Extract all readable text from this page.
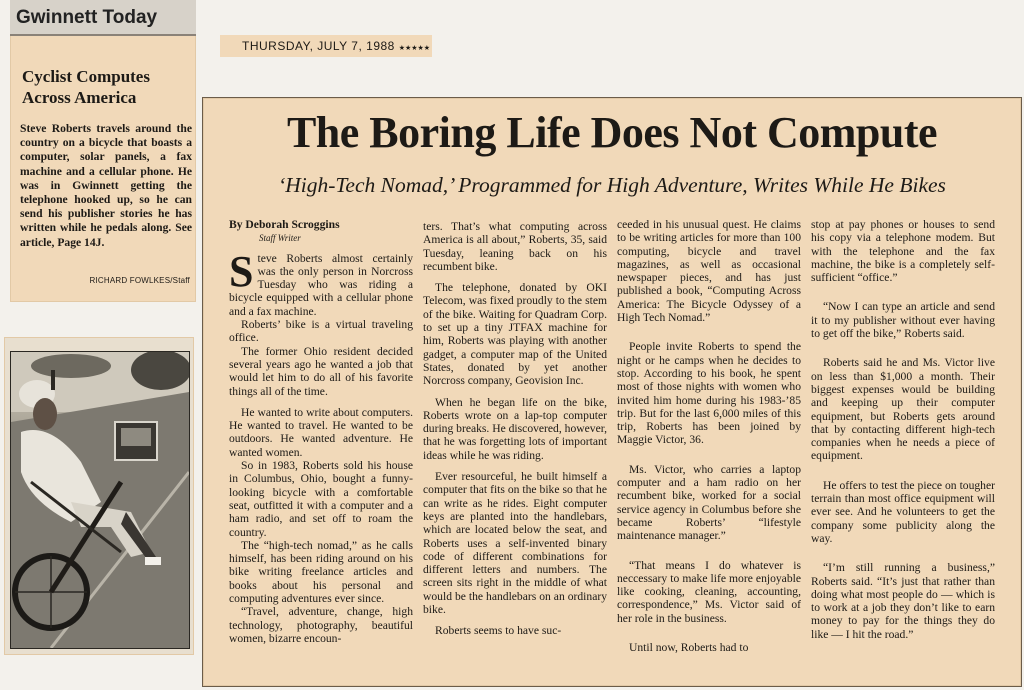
Gwinnett Today
Cyclist Computes Across America
Steve Roberts travels around the country on a bicycle that boasts a computer, solar panels, a fax machine and a cellular phone. He was in Gwinnett getting the telephone hooked up, so he can send his publisher stories he has written while he pedals along. See article, Page 14J.
RICHARD FOWLKES/Staff
THURSDAY, JULY 7, 1988 ★★★★★
The Boring Life Does Not Compute
‘High-Tech Nomad,’ Programmed for High Adventure, Writes While He Bikes
By Deborah Scroggins
Staff Writer

Steve Roberts almost certainly was the only person in Norcross Tuesday who was riding a bicycle equipped with a cellular phone and a fax machine.

Roberts’ bike is a virtual traveling office.

The former Ohio resident decided several years ago he wanted a job that would let him to do all of his favorite things all of the time.

He wanted to write about computers. He wanted to travel. He wanted to be outdoors. He wanted adventure. He wanted women.

So in 1983, Roberts sold his house in Columbus, Ohio, bought a funny-looking bicycle with a comfortable seat, outfitted it with a computer and a ham radio, and set off to roam the country.

The “high-tech nomad,” as he calls himself, has been riding around on his bike writing freelance articles and books about his personal and computing adventures ever since.

“Travel, adventure, change, high technology, photography, beautiful women, bizarre encoun-

ters. That’s what computing across America is all about,” Roberts, 35, said Tuesday, leaning back on his recumbent bike.

The telephone, donated by OKI Telecom, was fixed proudly to the stem of the bike. Waiting for Quadram Corp. to set up a tiny JTFAX machine for him, Roberts was playing with another gadget, a computer map of the United States, donated by yet another Norcross company, Geovision Inc.

When he began life on the bike, Roberts wrote on a lap-top computer during breaks. He discovered, however, that he was forgetting lots of important ideas while he was riding.

Ever resourceful, he built himself a computer that fits on the bike so that he can write as he rides. Eight computer keys are planted into the handlebars, which are located below the seat, and Roberts uses a self-invented binary code of different combinations for different letters and numbers. The screen sits right in the middle of what would be the handlebars on an ordinary bike.

Roberts seems to have suc-

ceeded in his unusual quest. He claims to be writing articles for more than 100 computing, bicycle and travel magazines, as well as occasional newspaper pieces, and has just published a book, “Computing Across America: The Bicycle Odyssey of a High Tech Nomad.”

People invite Roberts to spend the night or he camps when he decides to stop. According to his book, he spent most of those nights with women who invited him home during his 1983-’85 trip. But for the last 6,000 miles of this trip, Roberts has been joined by Maggie Victor, 36.

Ms. Victor, who carries a laptop computer and a ham radio on her recumbent bike, worked for a social service agency in Columbus before she became Roberts’ “lifestyle maintenance manager.”

“That means I do whatever is neccessary to make life more enjoyable like cooking, cleaning, accounting, correspondence,” Ms. Victor said of her role in the business.

Until now, Roberts had to

stop at pay phones or houses to send his copy via a telephone modem. But with the telephone and the fax machine, the bike is a completely self-sufficient “office.”

“Now I can type an article and send it to my publisher without ever having to get off the bike,” Roberts said.

Roberts said he and Ms. Victor live on less than $1,000 a month. Their biggest expenses would be building and keeping up their computer equipment, but Roberts gets around that by contacting different high-tech companies when he needs a piece of equipment.

He offers to test the piece on tougher terrain than most office equipment will ever see. And he volunteers to get the company some publicity along the way.

“I’m still running a business,” Roberts said. “It’s just that rather than doing what most people do — which is to work at a job they don’t like to earn money to pay for the things they do like — I hit the road.”
